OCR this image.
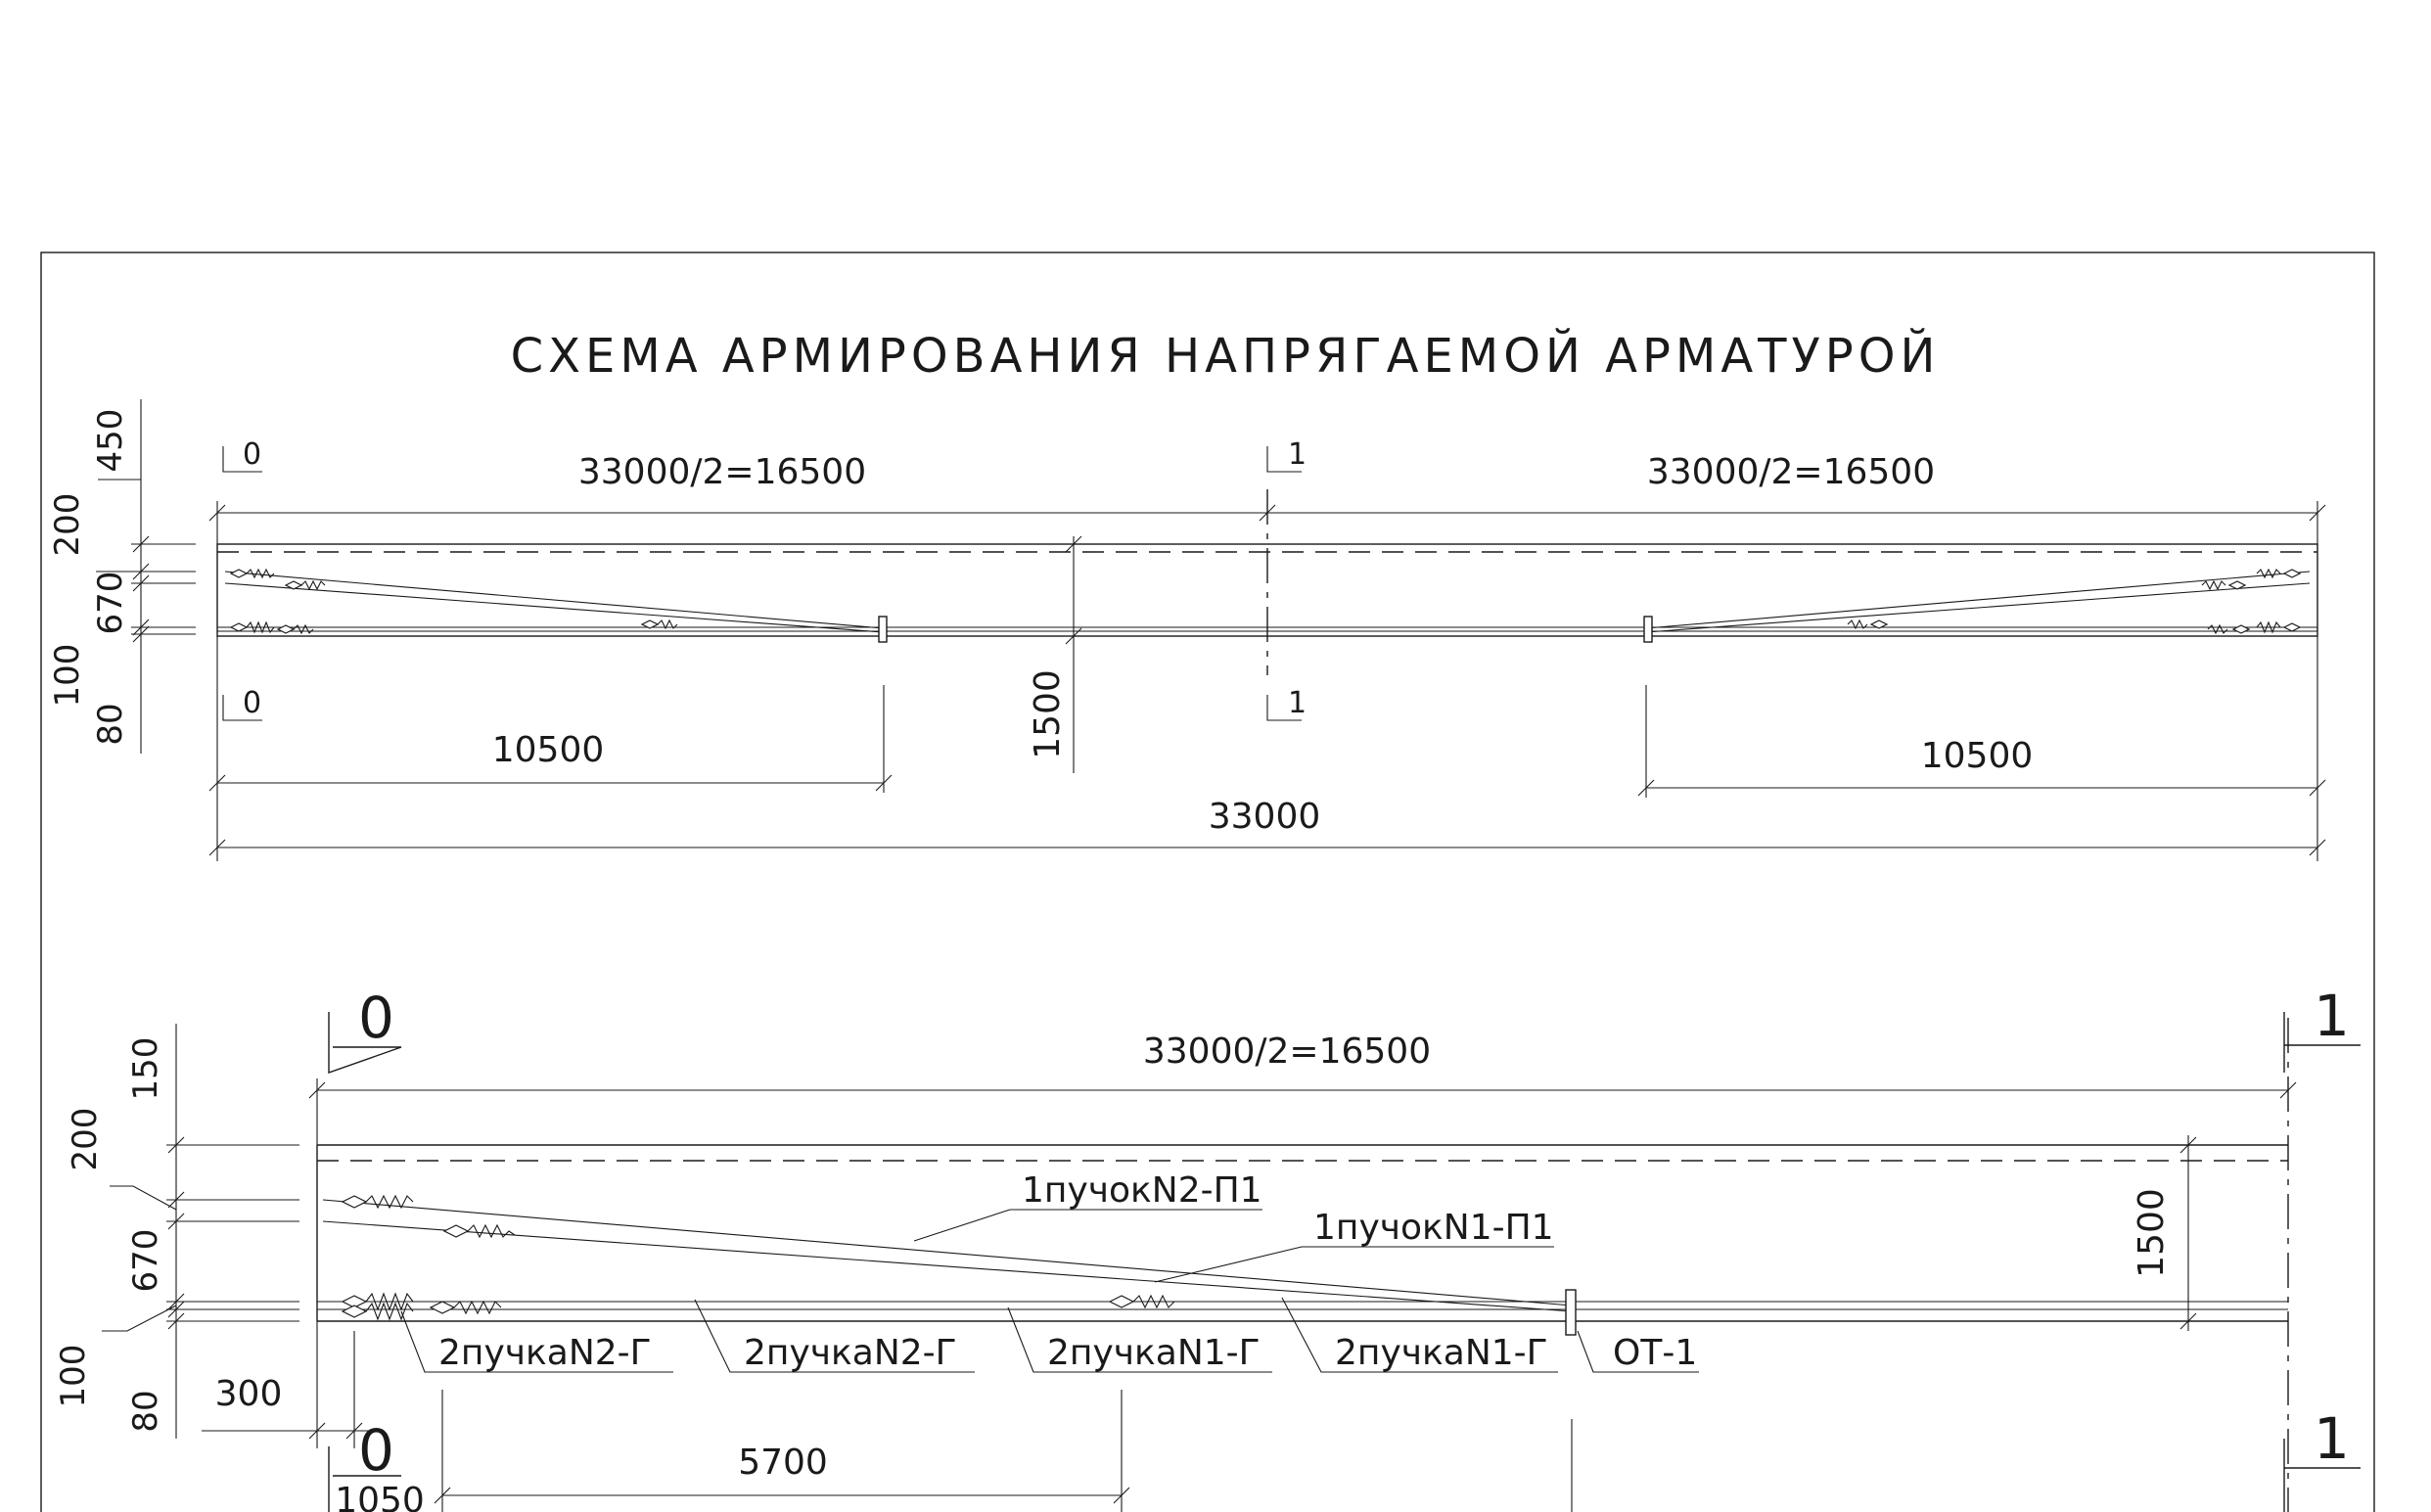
СХЕМА АРМИРОВАНИЯ НАПРЯГАЕМОЙ АРМАТУРОЙ
33000/2=16500	33000/2=16500
1500
10500	10500
33000
0
0
1
1
450
200
670
100
80
1пучокN2-П1
1пучокN1-П1
2пучкаN2-Г	2пучкаN2-Г	2пучкаN1-Г 2пучкаN1-Г ОТ-1
33000/2=16500
1500
300
5700
1050
0
0
1
1
150
200
670
100
80
